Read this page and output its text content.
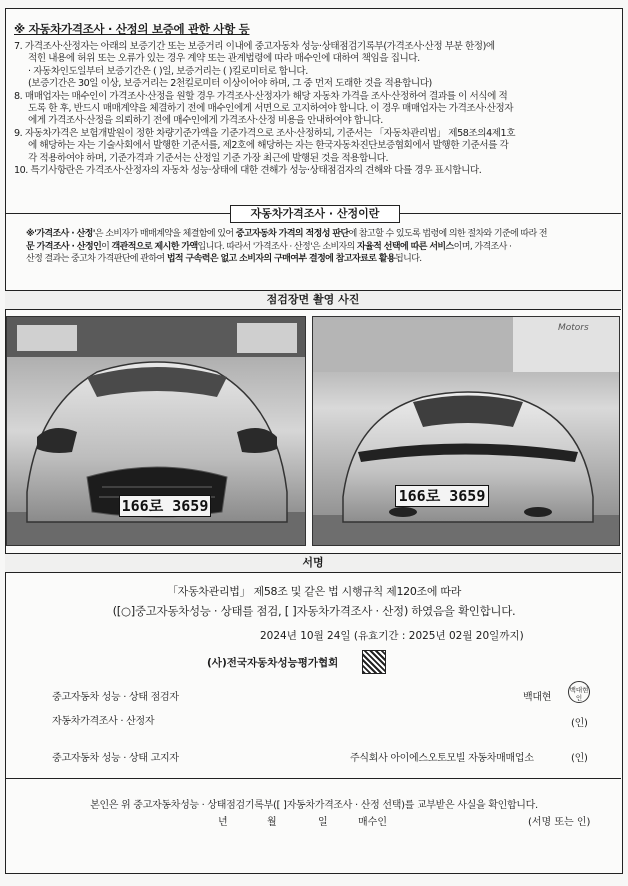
※ 자동차가격조사 · 산정의 보증에 관한 사항 등
7. 가격조사·산정자는 아래의 보증기간 또는 보증거리 이내에 중고자동차 성능·상태점검기록부(가격조사·산정 부분 한정)에
적힌 내용에 허위 또는 오류가 있는 경우 계약 또는 관계법령에 따라 매수인에 대하여 책임을 집니다.
· 자동차인도일부터 보증기간은 ( )일, 보증거리는 ( )킬로미터로 합니다.
(보증기간은 30일 이상, 보증거리는 2천킬로미터 이상이어야 하며, 그 중 먼저 도래한 것을 적용합니다)
8. 매매업자는 매수인이 가격조사·산정을 원할 경우 가격조사·산정자가 해당 자동차 가격을 조사·산정하여 결과를 이 서식에 적
도록 한 후, 반드시 매매계약을 체결하기 전에 매수인에게 서면으로 고지하여야 합니다. 이 경우 매매업자는 가격조사·산정자
에게 가격조사·산정을 의뢰하기 전에 매수인에게 가격조사·산정 비용을 안내하여야 합니다.
9. 자동차가격은 보험개발원이 정한 차량기준가액을 기준가격으로 조사·산정하되, 기준서는 「자동차관리법」 제58조의4제1호
에 해당하는 자는 기술사회에서 발행한 기준서를, 제2호에 해당하는 자는 한국자동차진단보증협회에서 발행한 기준서를 각
각 적용하여야 하며, 기준가격과 기준서는 산정일 기준 가장 최근에 발행된 것을 적용합니다.
10. 특기사항란은 가격조사·산정자의 자동차 성능·상태에 대한 견해가 성능·상태점검자의 견해와 다를 경우 표시합니다.
자동차가격조사 · 산정이란
※'가격조사 · 산정'은 소비자가 매매계약을 체결함에 있어 중고자동차 가격의 적정성 판단에 참고할 수 있도록 법령에 의한 절차와 기준에 따라 전
문 가격조사 · 산정인이 객관적으로 제시한 가액입니다. 따라서 '가격조사 · 산정'은 소비자의 자율적 선택에 따른 서비스이며, 가격조사 ·
산정 결과는 중고차 가격판단에 관하여 법적 구속력은 없고 소비자의 구매여부 결정에 참고자료로 활용됩니다.
점검장면 촬영 사진
166로 3659
Motors
166로 3659
서명
「자동차관리법」 제58조 및 같은 법 시행규칙 제120조에 따라
([○]중고자동차성능 · 상태를 점검, [ ]자동차가격조사 · 산정) 하였음을 확인합니다.
2024년 10월 24일 (유효기간 : 2025년 02월 20일까지)
(사)전국자동차성능평가협회
중고자동차 성능 · 상태 점검자	백대현
백대현인
자동차가격조사 · 산정자	(인)
중고자동차 성능 · 상태 고지자	주식회사 아이에스오토모빌 자동차매매업소	(인)
본인은 위 중고자동차성능 · 상태점검기록부([ ]자동차가격조사 · 산정 선택)를 교부받은 사실을 확인합니다.
년	월	일	매수인	(서명 또는 인)
